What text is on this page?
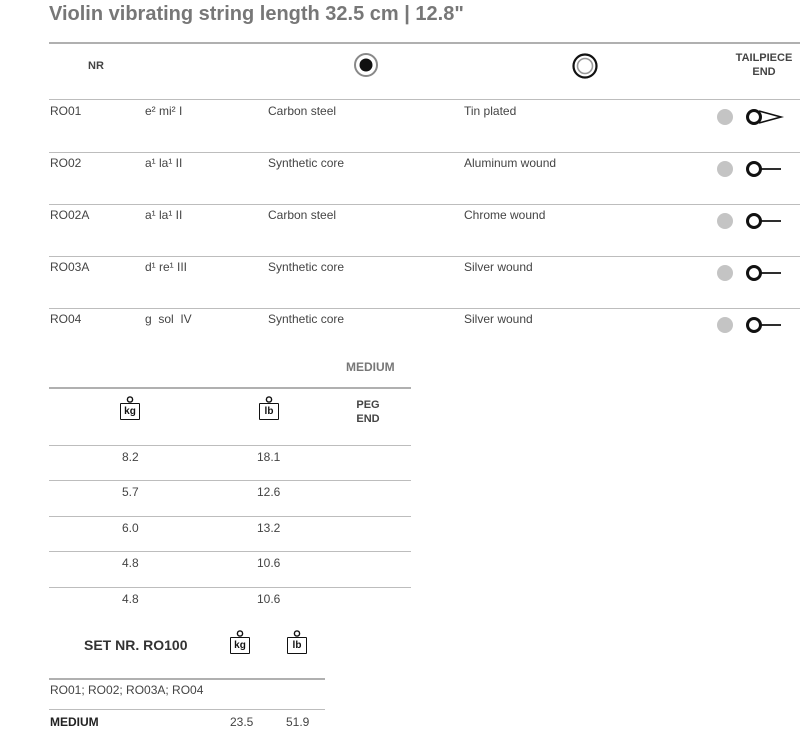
Violin vibrating string length 32.5 cm | 12.8"
NR
TAILPIECE
END
RO01	e² mi² I	Carbon steel	Tin plated
RO02	a¹ la¹ II	Synthetic core	Aluminum wound
RO02A	a¹ la¹ II	Carbon steel	Chrome wound
RO03A	d¹ re¹ III	Synthetic core	Silver wound
RO04	g  sol  IV	Synthetic core	Silver wound
MEDIUM
kg	lb
PEG
END
8.2	18.1
5.7	12.6
6.0	13.2
4.8	10.6
4.8	10.6
SET NR. RO100	kg	lb
RO01; RO02; RO03A; RO04
MEDIUM	23.5	51.9
